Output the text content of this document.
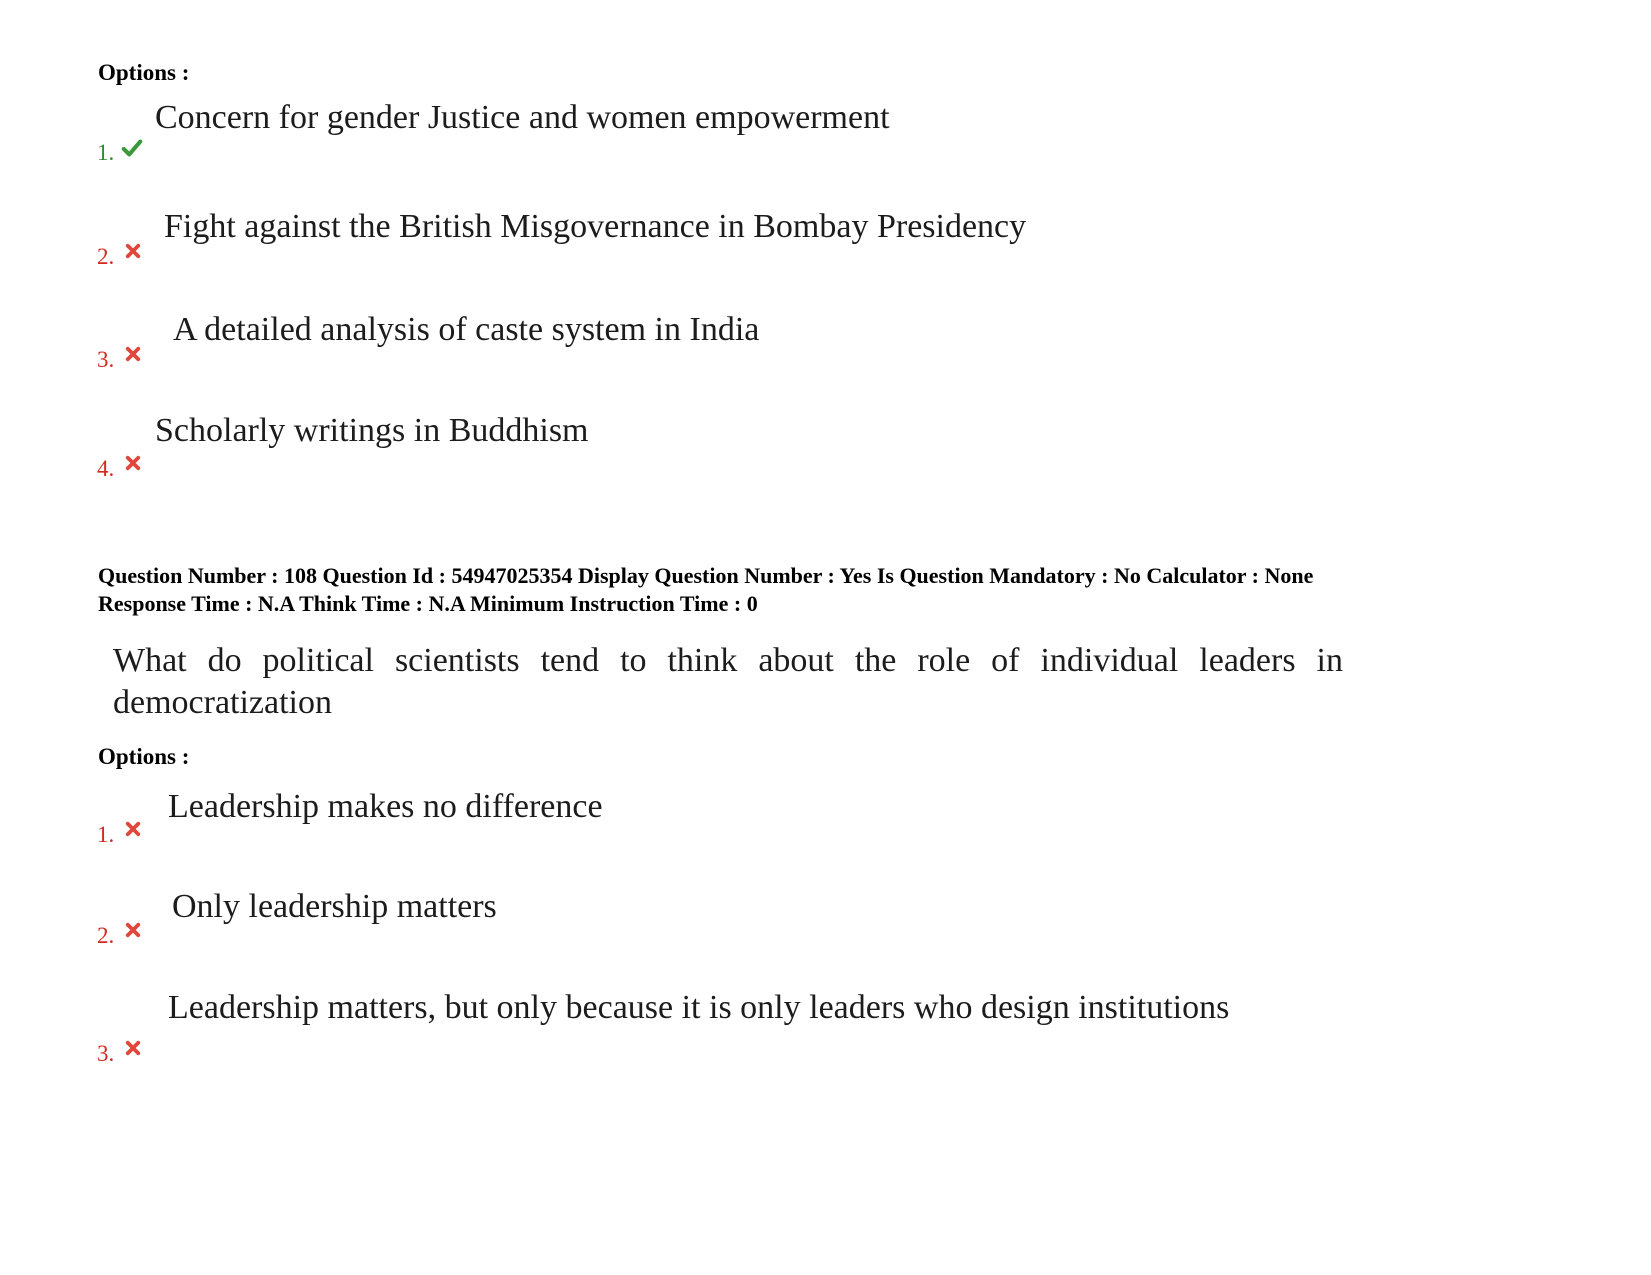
Options :
1.
Concern for gender Justice and women empowerment
2.
Fight against the British Misgovernance in Bombay Presidency
3.
A detailed analysis of caste system in India
4.
Scholarly writings in Buddhism
Question Number : 108 Question Id : 54947025354 Display Question Number : Yes Is Question Mandatory : No Calculator : None
Response Time : N.A Think Time : N.A Minimum Instruction Time : 0
What do political scientists tend to think about the role of individual leaders in democratization
Options :
1.
Leadership makes no difference
2.
Only leadership matters
3.
Leadership matters, but only because it is only leaders who design institutions
